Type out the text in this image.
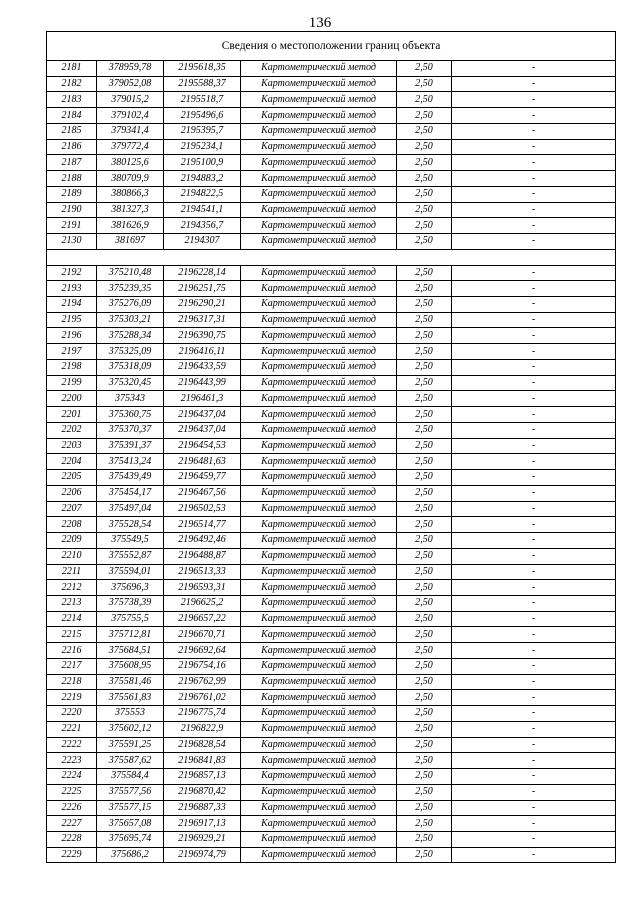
136
Сведения о местоположении границ объекта					
2181	378959,78	2195618,35	Картометрический метод	2,50	-
2182	379052,08	2195588,37	Картометрический метод	2,50	-
2183	379015,2	2195518,7	Картометрический метод	2,50	-
2184	379102,4	2195496,6	Картометрический метод	2,50	-
2185	379341,4	2195395,7	Картометрический метод	2,50	-
2186	379772,4	2195234,1	Картометрический метод	2,50	-
2187	380125,6	2195100,9	Картометрический метод	2,50	-
2188	380709,9	2194883,2	Картометрический метод	2,50	-
2189	380866,3	2194822,5	Картометрический метод	2,50	-
2190	381327,3	2194541,1	Картометрический метод	2,50	-
2191	381626,9	2194356,7	Картометрический метод	2,50	-
2130	381697	2194307	Картометрический метод	2,50	-

2192	375210,48	2196228,14	Картометрический метод	2,50	-
2193	375239,35	2196251,75	Картометрический метод	2,50	-
2194	375276,09	2196290,21	Картометрический метод	2,50	-
2195	375303,21	2196317,31	Картометрический метод	2,50	-
2196	375288,34	2196390,75	Картометрический метод	2,50	-
2197	375325,09	2196416,11	Картометрический метод	2,50	-
2198	375318,09	2196433,59	Картометрический метод	2,50	-
2199	375320,45	2196443,99	Картометрический метод	2,50	-
2200	375343	2196461,3	Картометрический метод	2,50	-
2201	375360,75	2196437,04	Картометрический метод	2,50	-
2202	375370,37	2196437,04	Картометрический метод	2,50	-
2203	375391,37	2196454,53	Картометрический метод	2,50	-
2204	375413,24	2196481,63	Картометрический метод	2,50	-
2205	375439,49	2196459,77	Картометрический метод	2,50	-
2206	375454,17	2196467,56	Картометрический метод	2,50	-
2207	375497,04	2196502,53	Картометрический метод	2,50	-
2208	375528,54	2196514,77	Картометрический метод	2,50	-
2209	375549,5	2196492,46	Картометрический метод	2,50	-
2210	375552,87	2196488,87	Картометрический метод	2,50	-
2211	375594,01	2196513,33	Картометрический метод	2,50	-
2212	375696,3	2196593,31	Картометрический метод	2,50	-
2213	375738,39	2196625,2	Картометрический метод	2,50	-
2214	375755,5	2196657,22	Картометрический метод	2,50	-
2215	375712,81	2196670,71	Картометрический метод	2,50	-
2216	375684,51	2196692,64	Картометрический метод	2,50	-
2217	375608,95	2196754,16	Картометрический метод	2,50	-
2218	375581,46	2196762,99	Картометрический метод	2,50	-
2219	375561,83	2196761,02	Картометрический метод	2,50	-
2220	375553	2196775,74	Картометрический метод	2,50	-
2221	375602,12	2196822,9	Картометрический метод	2,50	-
2222	375591,25	2196828,54	Картометрический метод	2,50	-
2223	375587,62	2196841,83	Картометрический метод	2,50	-
2224	375584,4	2196857,13	Картометрический метод	2,50	-
2225	375577,56	2196870,42	Картометрический метод	2,50	-
2226	375577,15	2196887,33	Картометрический метод	2,50	-
2227	375657,08	2196917,13	Картометрический метод	2,50	-
2228	375695,74	2196929,21	Картометрический метод	2,50	-
2229	375686,2	2196974,79	Картометрический метод	2,50	-
